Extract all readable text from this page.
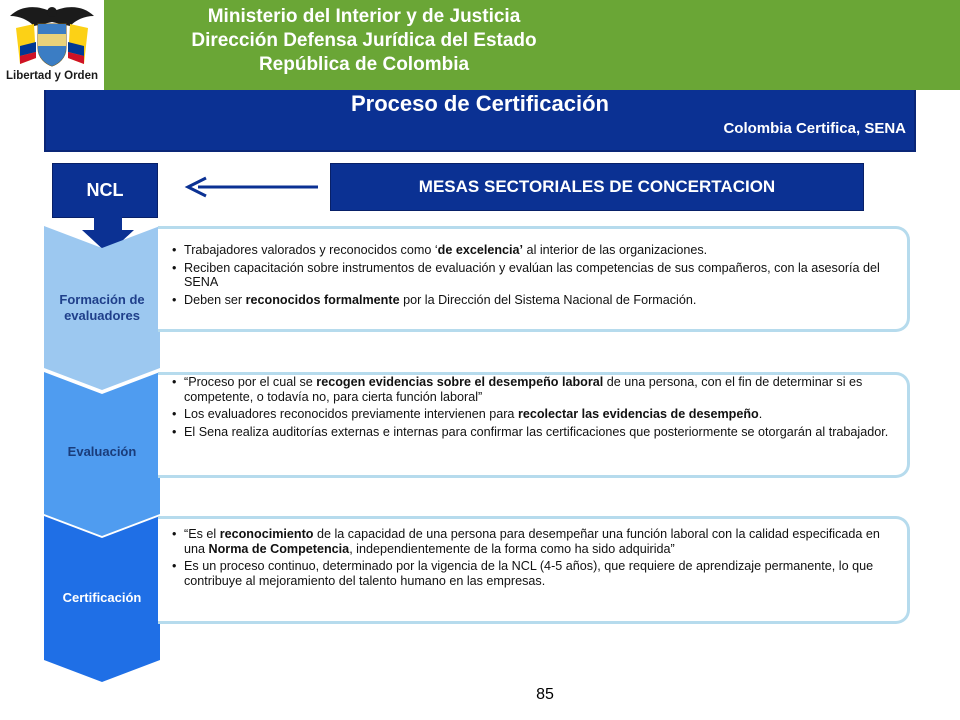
Libertad y Orden
Ministerio del Interior y de Justicia
Dirección Defensa Jurídica del Estado
República de Colombia
Proceso de Certificación
Colombia Certifica, SENA
NCL	MESAS SECTORIALES DE CONCERTACION
Formación de
evaluadores
Evaluación
Certificación
• Trabajadores valorados y reconocidos como ‘de excelencia’ al interior de las organizaciones.
• Reciben capacitación sobre instrumentos de evaluación y evalúan las competencias de sus compañeros, con la asesoría del SENA
• Deben ser reconocidos formalmente por la Dirección del Sistema Nacional de Formación.
• “Proceso por el cual se recogen evidencias sobre el desempeño laboral de una persona, con el fin de determinar si es competente, o todavía no, para cierta función laboral”
• Los evaluadores reconocidos previamente intervienen para recolectar las evidencias de desempeño.
• El Sena realiza auditorías externas e internas para confirmar las certificaciones que posteriormente se otorgarán al trabajador.
• “Es el reconocimiento de la capacidad de una persona para desempeñar una función laboral con la calidad especificada en una Norma de Competencia, independientemente de la forma como ha sido adquirida”
• Es un proceso continuo, determinado por la vigencia de la NCL (4-5 años), que requiere de aprendizaje permanente, lo que contribuye al mejoramiento del talento humano en las empresas.
85
